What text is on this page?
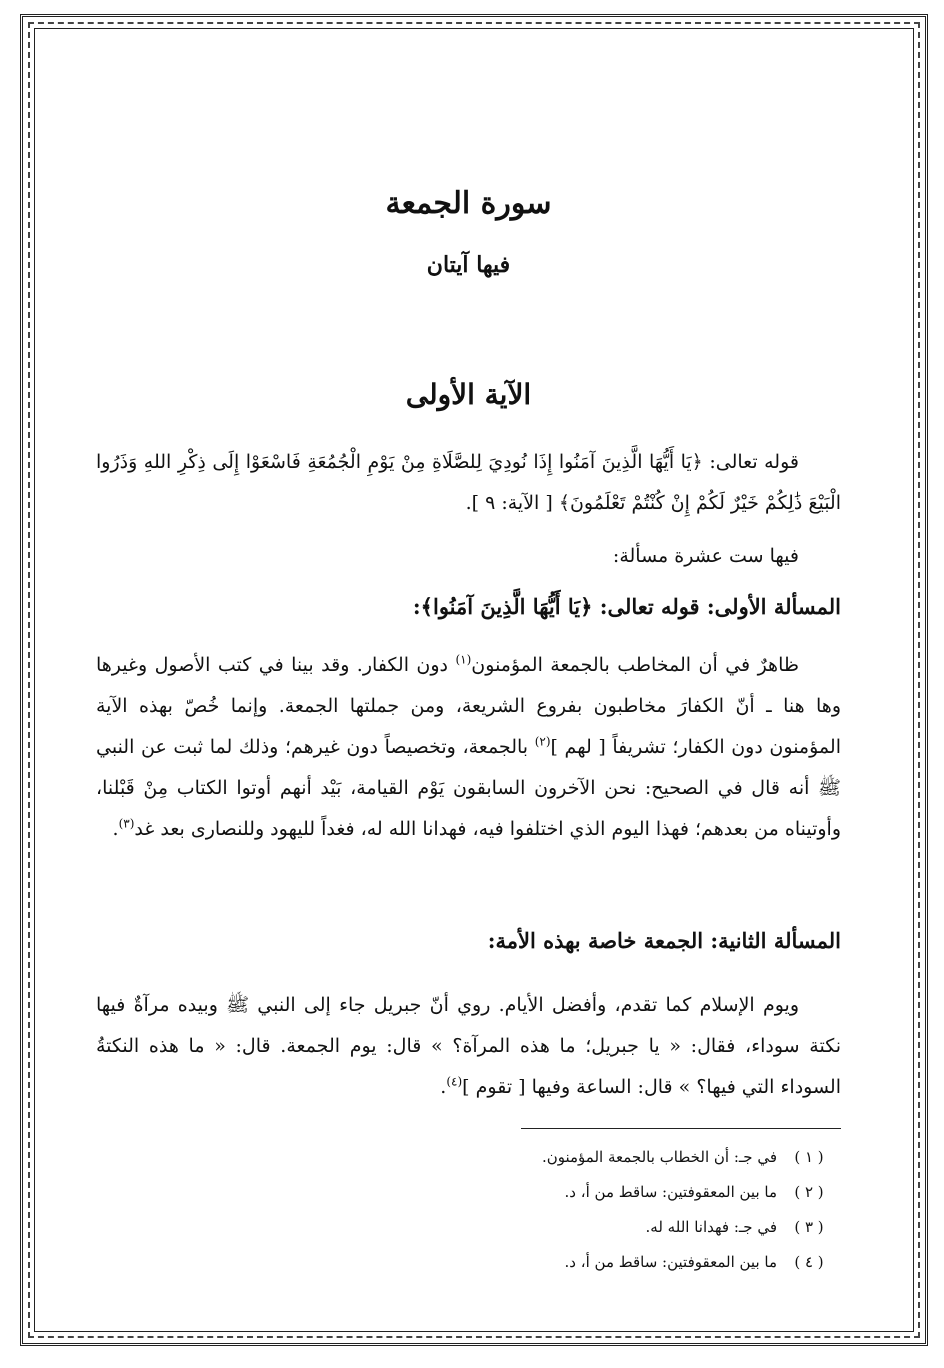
سورة الجمعة
فيها آيتان
الآية الأولى

قوله تعالى: ﴿يَا أَيُّهَا الَّذِينَ آمَنُوا إِذَا نُودِيَ لِلصَّلَاةِ مِنْ يَوْمِ الْجُمُعَةِ فَاسْعَوْا إِلَى ذِكْرِ اللهِ وَذَرُوا الْبَيْعَ ذَٰلِكُمْ خَيْرٌ لَكُمْ إِنْ كُنْتُمْ تَعْلَمُونَ﴾ [ الآية: ٩ ].

فيها ست عشرة مسألة:

المسألة الأولى: قوله تعالى: ﴿يَا أَيُّهَا الَّذِينَ آمَنُوا﴾:

ظاهرٌ في أن المخاطب بالجمعة المؤمنون$^{(١)}$ دون الكفار. وقد بينا في كتب الأصول وغيرها وها هنا ـ أنّ الكفارَ مخاطبون بفروع الشريعة، ومن جملتها الجمعة. وإنما خُصّ بهذه الآية المؤمنون دون الكفار؛ تشريفاً [ لهم ]$^{(٢)}$ بالجمعة، وتخصيصاً دون غيرهم؛ وذلك لما ثبت عن النبي ﷺ أنه قال في الصحيح: نحن الآخرون السابقون يَوْم القيامة، بَيْد أنهم أوتوا الكتاب مِنْ قَبْلنا، وأوتيناه من بعدهم؛ فهذا اليوم الذي اختلفوا فيه، فهدانا الله له، فغداً لليهود وللنصارى بعد غد$^{(٣)}$.

المسألة الثانية: الجمعة خاصة بهذه الأمة:

ويوم الإسلام كما تقدم، وأفضل الأيام. روي أنّ جبريل جاء إلى النبي ﷺ وبيده مرآةٌ فيها نكتة سوداء، فقال: « يا جبريل؛ ما هذه المرآة؟ » قال: يوم الجمعة. قال: « ما هذه النكتةُ السوداء التي فيها؟ » قال: الساعة وفيها [ تقوم ]$^{(٤)}$.

( ١ )
في جـ: أن الخطاب بالجمعة المؤمنون.
( ٢ )
ما بين المعقوفتين: ساقط من أ، د.
( ٣ )
في جـ: فهدانا الله له.
( ٤ )
ما بين المعقوفتين: ساقط من أ، د.
